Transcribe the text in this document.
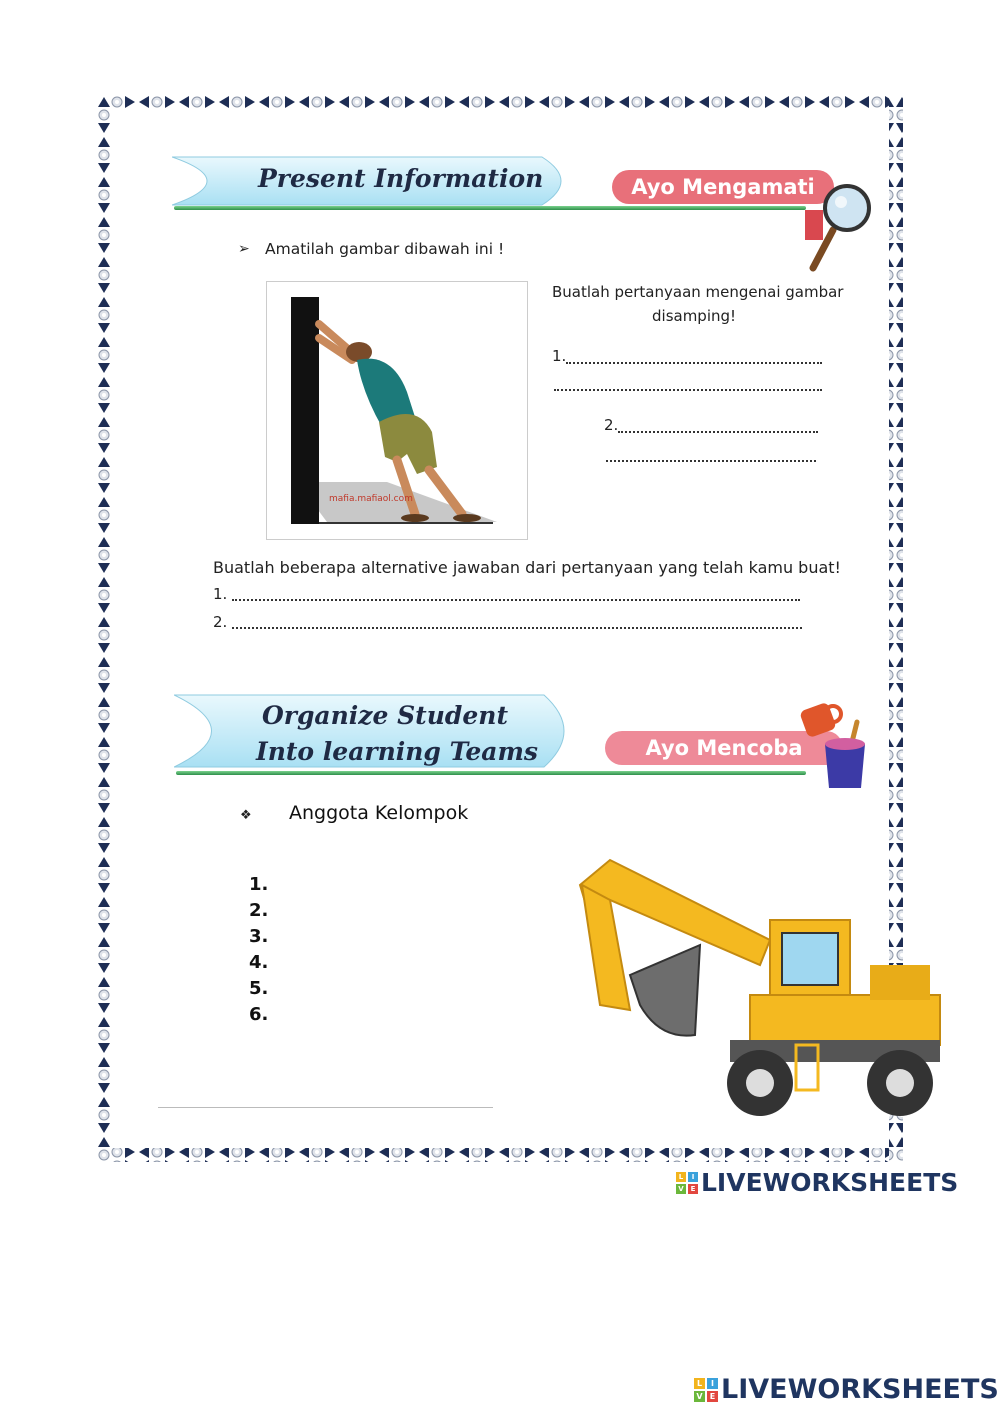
Present Information	Ayo Mengamati
➢ Amatilah gambar dibawah ini !
mafia.mafiaol.com
Buatlah pertanyaan mengenai gambar
disamping!
1.
2.
Buatlah beberapa alternative jawaban dari pertanyaan yang telah kamu buat!
1.
2.
Organize Student
Into learning Teams	Ayo Mencoba
❖ Anggota Kelompok
1.
2.
3.
4.
5.
6.
L	I
V E LIVEWORKSHEETS
L	I
V E LIVEWORKSHEETS
